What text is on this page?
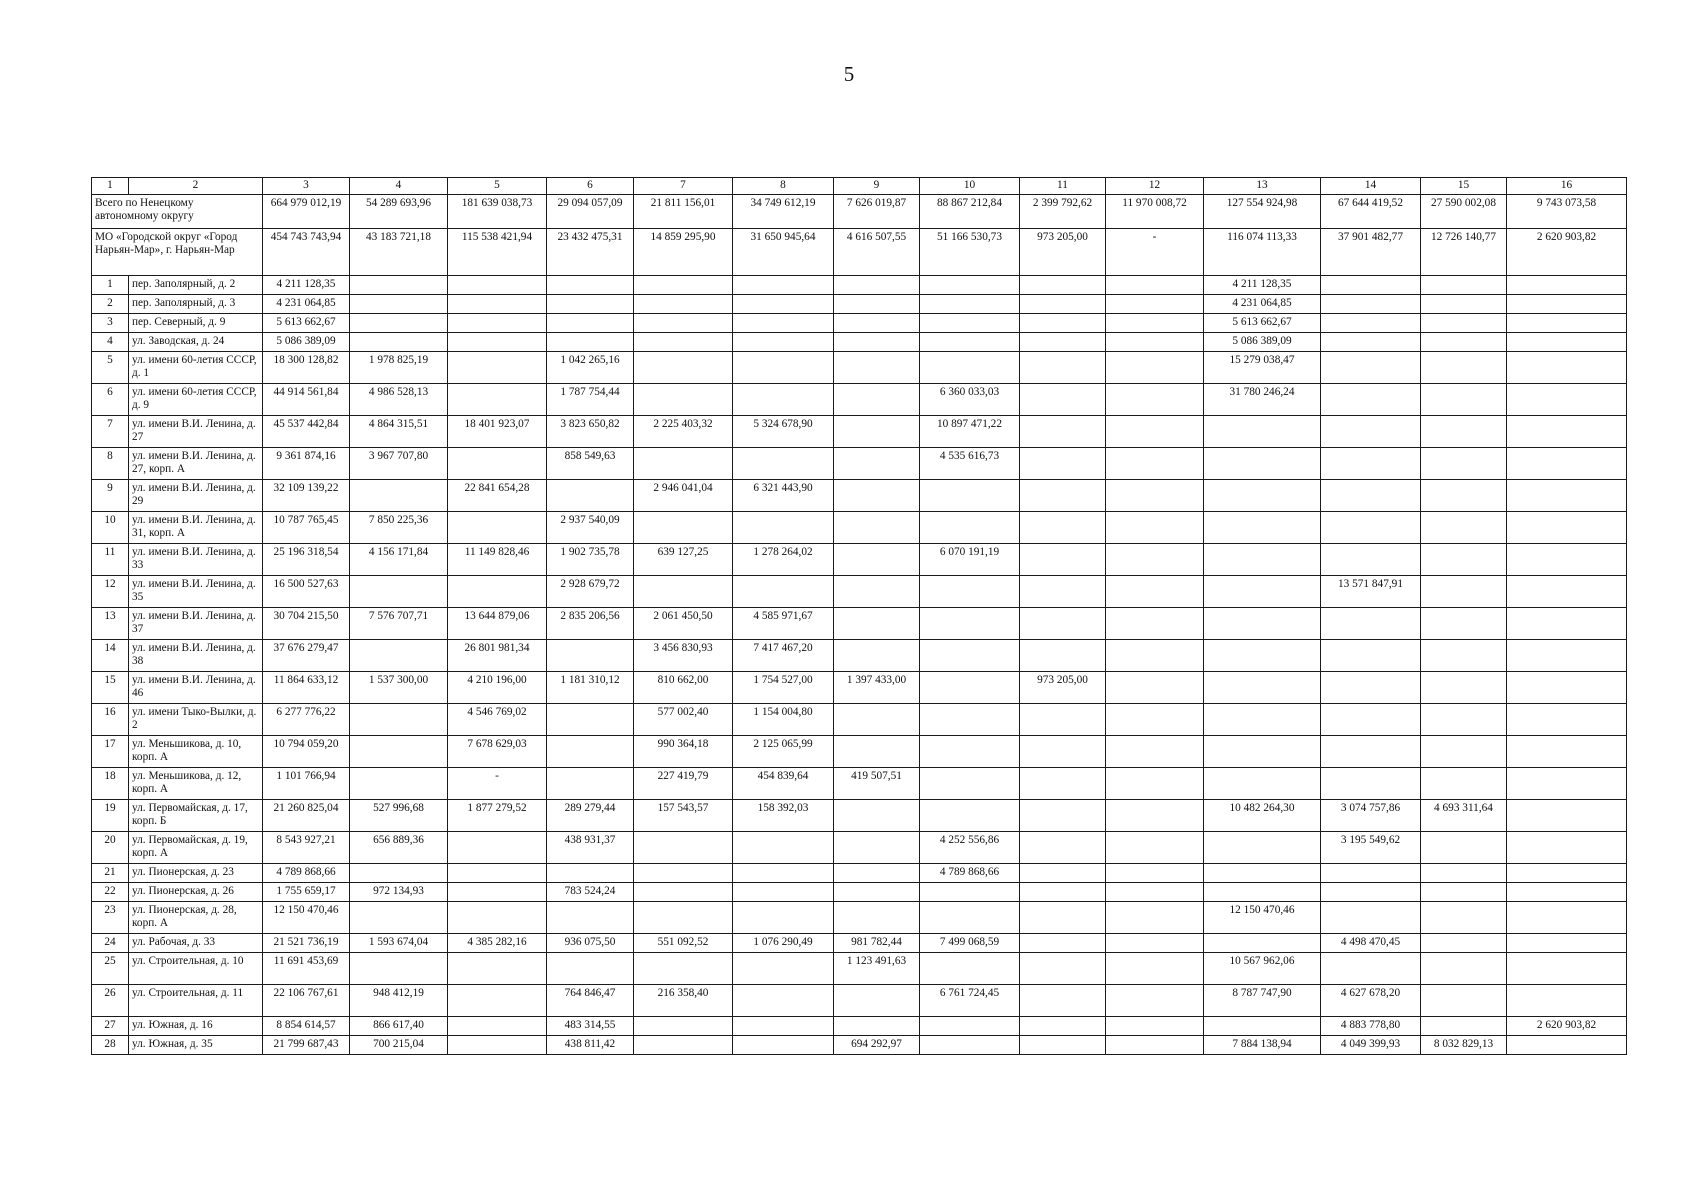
5
1	2	3	4	5	6	7	8	9	10	11	12	13	14	15	16
Всего по Ненецкому автономному округу		664 979 012,19	54 289 693,96	181 639 038,73	29 094 057,09	21 811 156,01	34 749 612,19	7 626 019,87	88 867 212,84	2 399 792,62	11 970 008,72	127 554 924,98	67 644 419,52	27 590 002,08	9 743 073,58
МО «Городской округ «Город Нарьян-Мар», г. Нарьян-Мар		454 743 743,94	43 183 721,18	115 538 421,94	23 432 475,31	14 859 295,90	31 650 945,64	4 616 507,55	51 166 530,73	973 205,00	-	116 074 113,33	37 901 482,77	12 726 140,77	2 620 903,82
1	пер. Заполярный, д. 2	4 211 128,35										4 211 128,35			
2	пер. Заполярный, д. 3	4 231 064,85										4 231 064,85			
3	пер. Северный, д. 9	5 613 662,67										5 613 662,67			
4	ул. Заводская, д. 24	5 086 389,09										5 086 389,09			
5	ул. имени 60-летия СССР, д. 1	18 300 128,82	1 978 825,19		1 042 265,16							15 279 038,47			
6	ул. имени 60-летия СССР, д. 9	44 914 561,84	4 986 528,13		1 787 754,44				6 360 033,03			31 780 246,24			
7	ул. имени В.И. Ленина, д. 27	45 537 442,84	4 864 315,51	18 401 923,07	3 823 650,82	2 225 403,32	5 324 678,90		10 897 471,22						
8	ул. имени В.И. Ленина, д. 27, корп. А	9 361 874,16	3 967 707,80		858 549,63				4 535 616,73						
9	ул. имени В.И. Ленина, д. 29	32 109 139,22		22 841 654,28		2 946 041,04	6 321 443,90								
10	ул. имени В.И. Ленина, д. 31, корп. А	10 787 765,45	7 850 225,36		2 937 540,09										
11	ул. имени В.И. Ленина, д. 33	25 196 318,54	4 156 171,84	11 149 828,46	1 902 735,78	639 127,25	1 278 264,02		6 070 191,19						
12	ул. имени В.И. Ленина, д. 35	16 500 527,63			2 928 679,72								13 571 847,91		
13	ул. имени В.И. Ленина, д. 37	30 704 215,50	7 576 707,71	13 644 879,06	2 835 206,56	2 061 450,50	4 585 971,67								
14	ул. имени В.И. Ленина, д. 38	37 676 279,47		26 801 981,34		3 456 830,93	7 417 467,20								
15	ул. имени В.И. Ленина, д. 46	11 864 633,12	1 537 300,00	4 210 196,00	1 181 310,12	810 662,00	1 754 527,00	1 397 433,00		973 205,00					
16	ул. имени Тыко-Вылки, д. 2	6 277 776,22		4 546 769,02		577 002,40	1 154 004,80								
17	ул. Меньшикова, д. 10, корп. А	10 794 059,20		7 678 629,03		990 364,18	2 125 065,99								
18	ул. Меньшикова, д. 12, корп. А	1 101 766,94		-		227 419,79	454 839,64	419 507,51							
19	ул. Первомайская, д. 17, корп. Б	21 260 825,04	527 996,68	1 877 279,52	289 279,44	157 543,57	158 392,03					10 482 264,30	3 074 757,86	4 693 311,64	
20	ул. Первомайская, д. 19, корп. А	8 543 927,21	656 889,36		438 931,37				4 252 556,86				3 195 549,62		
21	ул. Пионерская, д. 23	4 789 868,66							4 789 868,66						
22	ул. Пионерская, д. 26	1 755 659,17	972 134,93		783 524,24										
23	ул. Пионерская, д. 28, корп. А	12 150 470,46										12 150 470,46			
24	ул. Рабочая, д. 33	21 521 736,19	1 593 674,04	4 385 282,16	936 075,50	551 092,52	1 076 290,49	981 782,44	7 499 068,59				4 498 470,45		
25	ул. Строительная, д. 10	11 691 453,69						1 123 491,63				10 567 962,06			
26	ул. Строительная, д. 11	22 106 767,61	948 412,19		764 846,47	216 358,40			6 761 724,45			8 787 747,90	4 627 678,20		
27	ул. Южная, д. 16	8 854 614,57	866 617,40		483 314,55								4 883 778,80		2 620 903,82
28	ул. Южная, д. 35	21 799 687,43	700 215,04		438 811,42			694 292,97				7 884 138,94	4 049 399,93	8 032 829,13	
